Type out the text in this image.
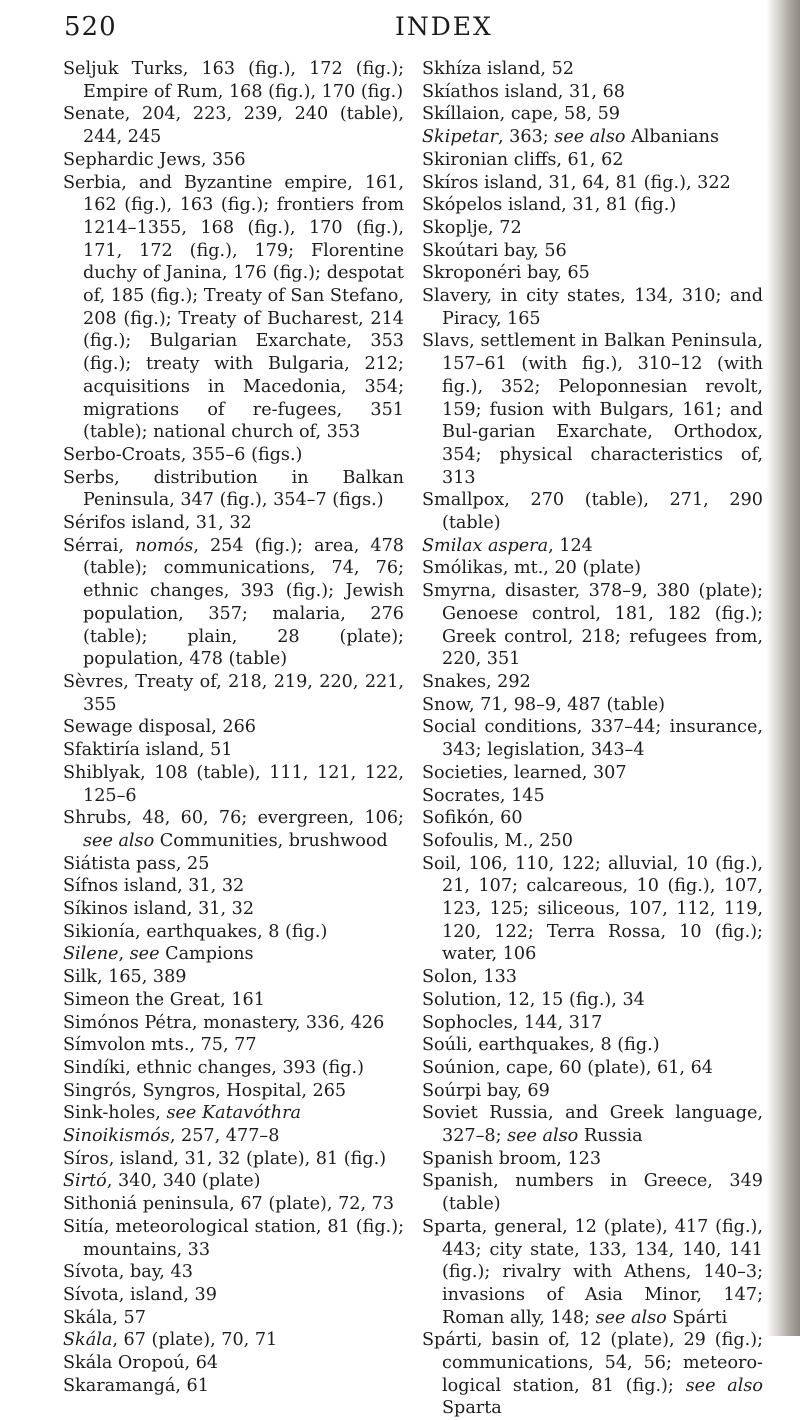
520	INDEX
Seljuk Turks, 163 (fig.), 172 (fig.); Empire of Rum, 168 (fig.), 170 (fig.)
Senate, 204, 223, 239, 240 (table), 244, 245
Sephardic Jews, 356
Serbia, and Byzantine empire, 161, 162 (fig.), 163 (fig.); frontiers from 1214–1355, 168 (fig.), 170 (fig.), 171, 172 (fig.), 179; Florentine duchy of Janina, 176 (fig.); despotat of, 185 (fig.); Treaty of San Stefano, 208 (fig.); Treaty of Bucharest, 214 (fig.); Bulgarian Exarchate, 353 (fig.); treaty with Bulgaria, 212; acquisitions in Macedonia, 354; migrations of re-fugees, 351 (table); national church of, 353
Serbo-Croats, 355–6 (figs.)
Serbs, distribution in Balkan Peninsula, 347 (fig.), 354–7 (figs.)
Sérifos island, 31, 32
Sérrai, nomós, 254 (fig.); area, 478 (table); communications, 74, 76; ethnic changes, 393 (fig.); Jewish population, 357; malaria, 276 (table); plain, 28 (plate); population, 478 (table)
Sèvres, Treaty of, 218, 219, 220, 221, 355
Sewage disposal, 266
Sfaktiría island, 51
Shiblyak, 108 (table), 111, 121, 122, 125–6
Shrubs, 48, 60, 76; evergreen, 106; see also Communities, brushwood
Siátista pass, 25
Sífnos island, 31, 32
Síkinos island, 31, 32
Sikionía, earthquakes, 8 (fig.)
Silene, see Campions
Silk, 165, 389
Simeon the Great, 161
Simónos Pétra, monastery, 336, 426
Símvolon mts., 75, 77
Sindíki, ethnic changes, 393 (fig.)
Singrós, Syngros, Hospital, 265
Sink-holes, see Katavóthra
Sinoikismós, 257, 477–8
Síros, island, 31, 32 (plate), 81 (fig.)
Sirtó, 340, 340 (plate)
Sithoniá peninsula, 67 (plate), 72, 73
Sitía, meteorological station, 81 (fig.); mountains, 33
Sívota, bay, 43
Sívota, island, 39
Skála, 57
Skála, 67 (plate), 70, 71
Skála Oropoú, 64
Skaramangá, 61
Skhíza island, 52
Skíathos island, 31, 68
Skíllaion, cape, 58, 59
Skipetar, 363; see also Albanians
Skironian cliffs, 61, 62
Skíros island, 31, 64, 81 (fig.), 322
Skópelos island, 31, 81 (fig.)
Skoplje, 72
Skoútari bay, 56
Skroponéri bay, 65
Slavery, in city states, 134, 310; and Piracy, 165
Slavs, settlement in Balkan Peninsula, 157–61 (with fig.), 310–12 (with fig.), 352; Peloponnesian revolt, 159; fusion with Bulgars, 161; and Bul-garian Exarchate, Orthodox, 354; physical characteristics of, 313
Smallpox, 270 (table), 271, 290 (table)
Smilax aspera, 124
Smólikas, mt., 20 (plate)
Smyrna, disaster, 378–9, 380 (plate); Genoese control, 181, 182 (fig.); Greek control, 218; refugees from, 220, 351
Snakes, 292
Snow, 71, 98–9, 487 (table)
Social conditions, 337–44; insurance, 343; legislation, 343–4
Societies, learned, 307
Socrates, 145
Sofikón, 60
Sofoulis, M., 250
Soil, 106, 110, 122; alluvial, 10 (fig.), 21, 107; calcareous, 10 (fig.), 107, 123, 125; siliceous, 107, 112, 119, 120, 122; Terra Rossa, 10 (fig.); water, 106
Solon, 133
Solution, 12, 15 (fig.), 34
Sophocles, 144, 317
Soúli, earthquakes, 8 (fig.)
Soúnion, cape, 60 (plate), 61, 64
Soúrpi bay, 69
Soviet Russia, and Greek language, 327–8; see also Russia
Spanish broom, 123
Spanish, numbers in Greece, 349 (table)
Sparta, general, 12 (plate), 417 (fig.), 443; city state, 133, 134, 140, 141 (fig.); rivalry with Athens, 140–3; invasions of Asia Minor, 147; Roman ally, 148; see also Spárti
Spárti, basin of, 12 (plate), 29 (fig.); communications, 54, 56; meteoro-logical station, 81 (fig.); see also Sparta
